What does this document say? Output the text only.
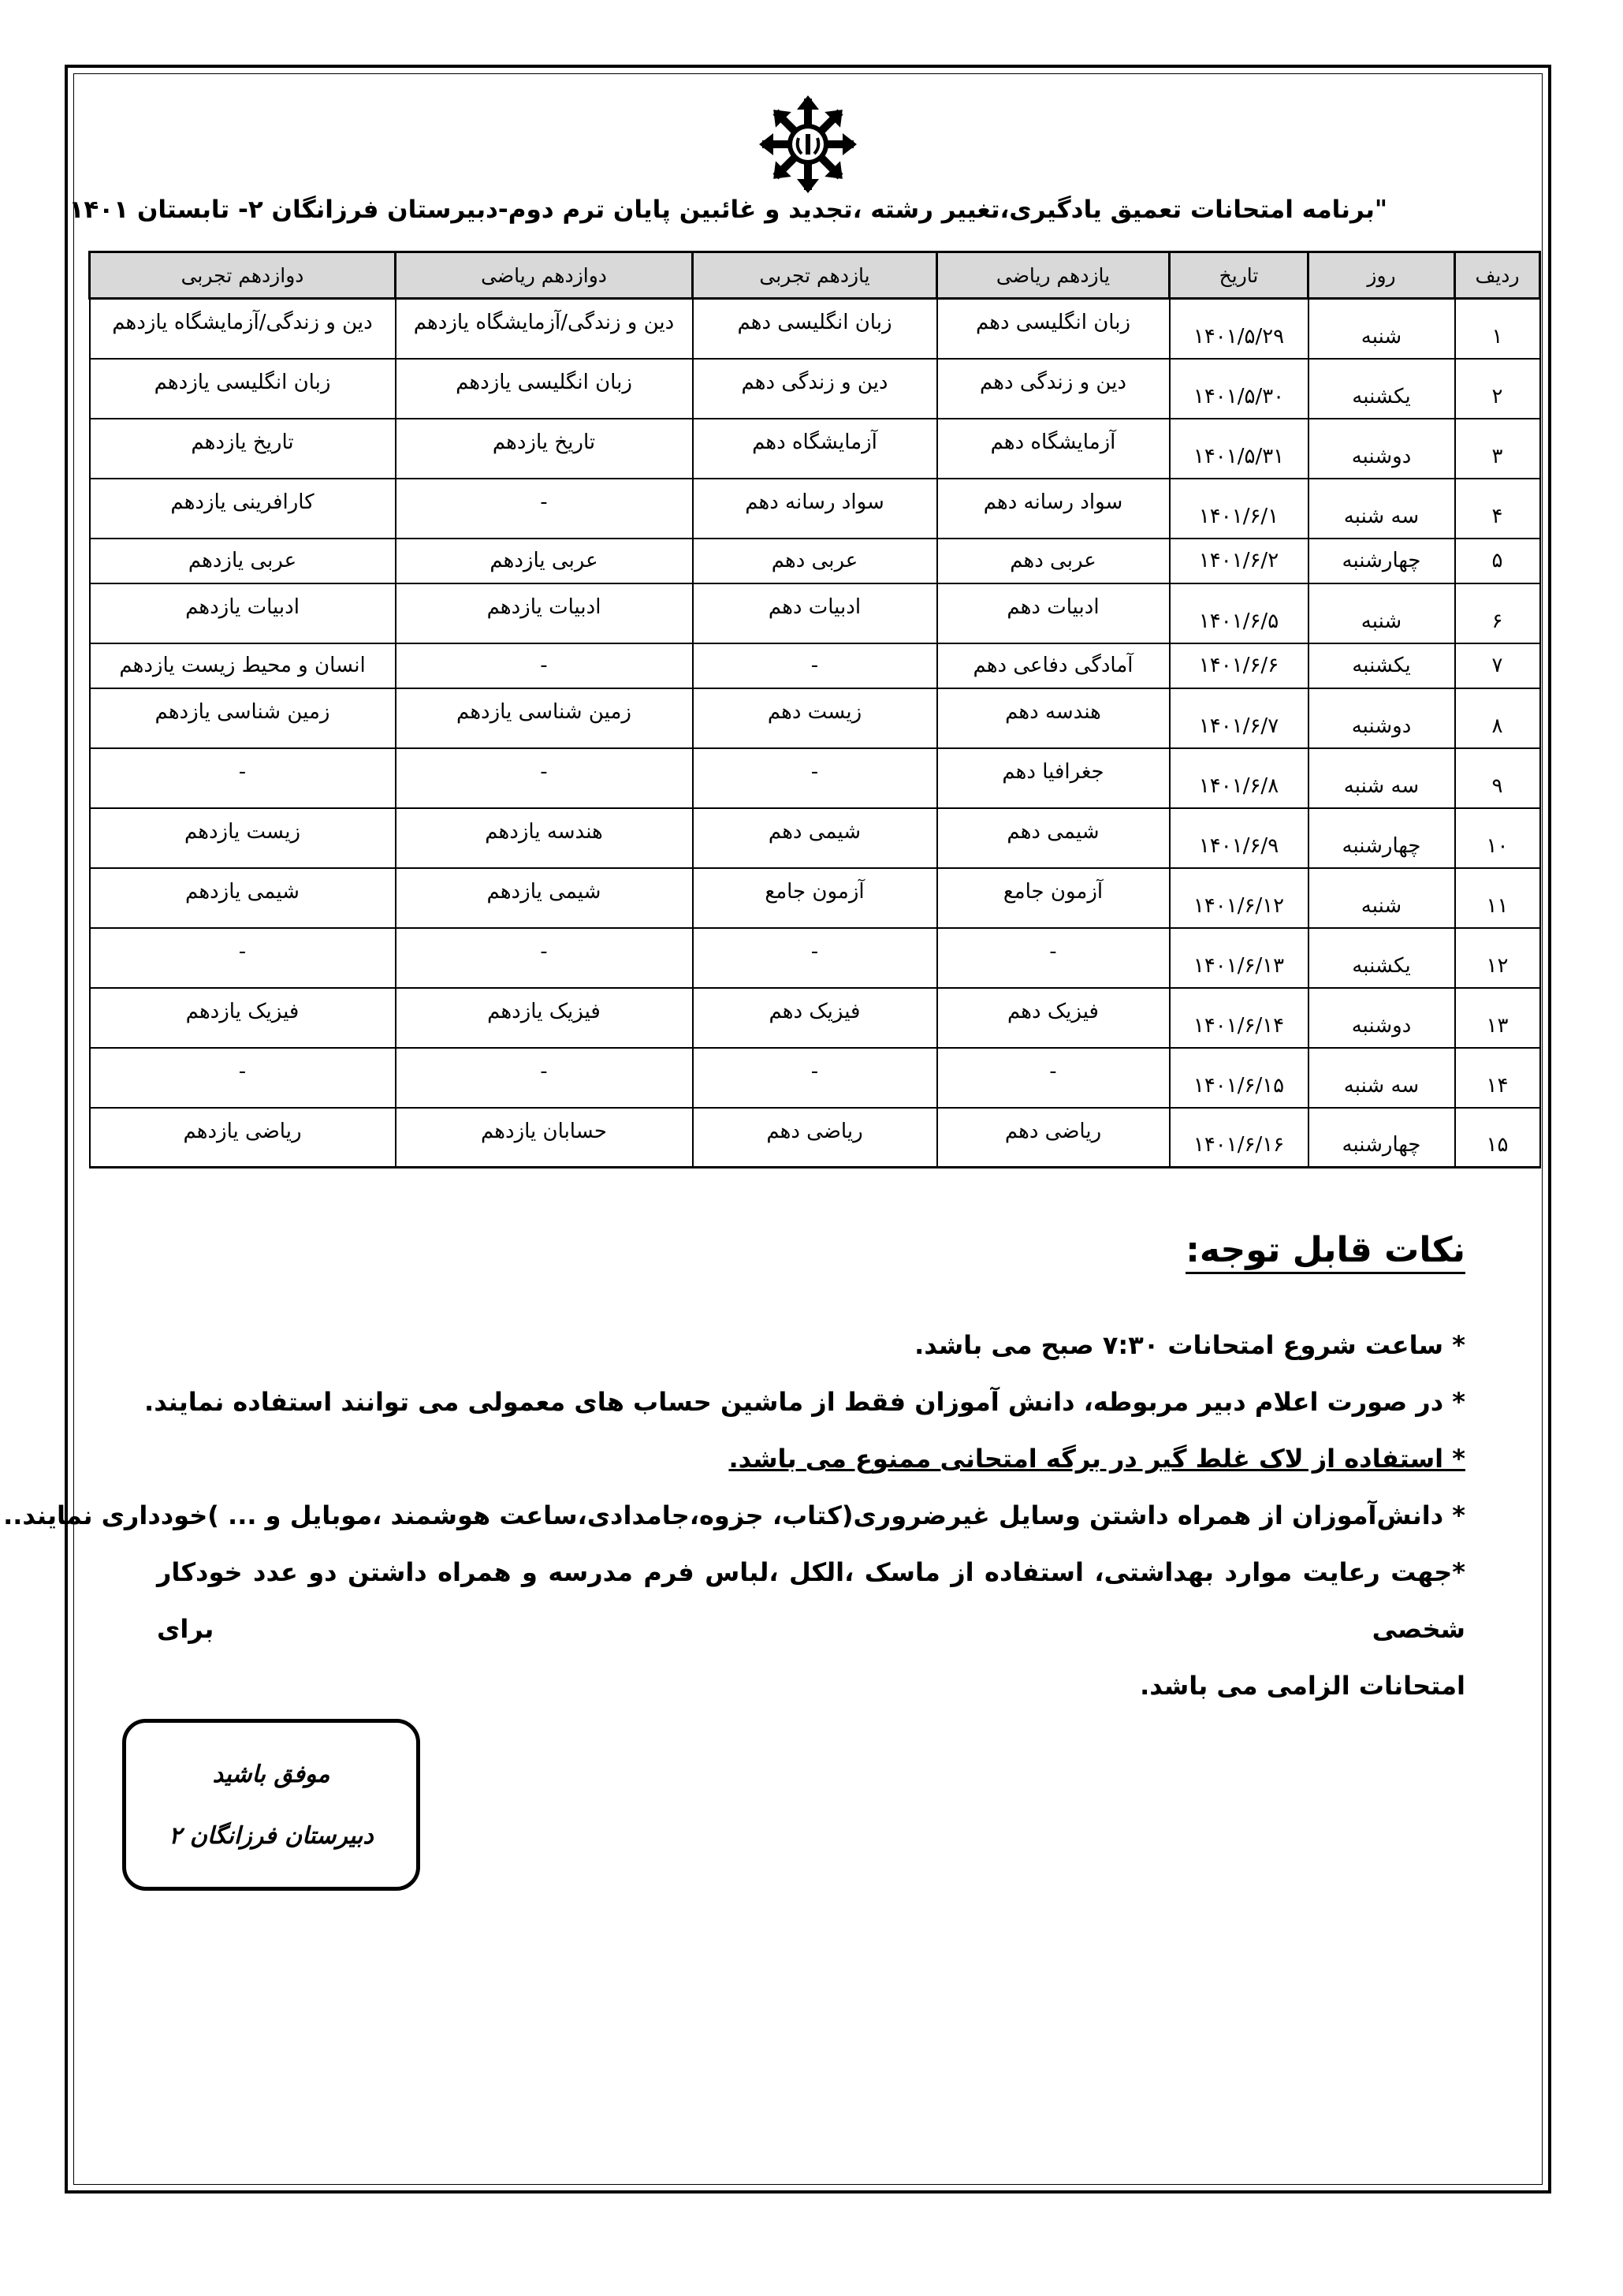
"برنامه امتحانات تعمیق یادگیری،تغییر رشته ،تجدید و غائبین پایان ترم دوم-دبیرستان فرزانگان ۲- تابستان ۱۴۰۱
ردیف	روز	تاریخ	یازدهم ریاضی	یازدهم تجربی	دوازدهم ریاضی	دوازدهم تجربی
۱	شنبه	۱۴۰۱/۵/۲۹	زبان انگلیسی دهم	زبان انگلیسی دهم	دین و زندگی/آزمایشگاه یازدهم	دین و زندگی/آزمایشگاه یازدهم
۲	یکشنبه	۱۴۰۱/۵/۳۰	دین و زندگی دهم	دین و زندگی دهم	زبان انگلیسی یازدهم	زبان انگلیسی یازدهم
۳	دوشنبه	۱۴۰۱/۵/۳۱	آزمایشگاه دهم	آزمایشگاه دهم	تاریخ یازدهم	تاریخ یازدهم
۴	سه شنبه	۱۴۰۱/۶/۱	سواد رسانه دهم	سواد رسانه دهم	-	کارافرینی یازدهم
۵	چهارشنبه	۱۴۰۱/۶/۲	عربی دهم	عربی دهم	عربی یازدهم	عربی یازدهم
۶	شنبه	۱۴۰۱/۶/۵	ادبیات دهم	ادبیات دهم	ادبیات یازدهم	ادبیات یازدهم
۷	یکشنبه	۱۴۰۱/۶/۶	آمادگی دفاعی دهم	-	-	انسان و محیط زیست یازدهم
۸	دوشنبه	۱۴۰۱/۶/۷	هندسه دهم	زیست دهم	زمین شناسی یازدهم	زمین شناسی یازدهم
۹	سه شنبه	۱۴۰۱/۶/۸	جغرافیا دهم	-	-	-
۱۰	چهارشنبه	۱۴۰۱/۶/۹	شیمی دهم	شیمی دهم	هندسه یازدهم	زیست یازدهم
۱۱	شنبه	۱۴۰۱/۶/۱۲	آزمون جامع	آزمون جامع	شیمی یازدهم	شیمی یازدهم
۱۲	یکشنبه	۱۴۰۱/۶/۱۳	-	-	-	-
۱۳	دوشنبه	۱۴۰۱/۶/۱۴	فیزیک دهم	فیزیک دهم	فیزیک یازدهم	فیزیک یازدهم
۱۴	سه شنبه	۱۴۰۱/۶/۱۵	-	-	-	-
۱۵	چهارشنبه	۱۴۰۱/۶/۱۶	ریاضی دهم	ریاضی دهم	حسابان یازدهم	ریاضی یازدهم
نکات قابل توجه:
* ساعت شروع امتحانات ۷:۳۰ صبح می باشد.
* در صورت اعلام دبیر مربوطه، دانش آموزان فقط از ماشین حساب های معمولی می توانند استفاده نمایند.
* استفاده از لاک غلط گیر در برگه امتحانی ممنوع می باشد.
* دانش‌آموزان از همراه داشتن وسایل غیرضروری(کتاب، جزوه،جامدادی،ساعت هوشمند ،موبایل و ... )خودداری نمایند..
*جهت رعایت موارد بهداشتی، استفاده از ماسک ،الکل ،لباس فرم مدرسه و همراه داشتن دو عدد خودکار شخصی برای
امتحانات الزامی می باشد.
موفق باشید
دبیرستان فرزانگان ۲
